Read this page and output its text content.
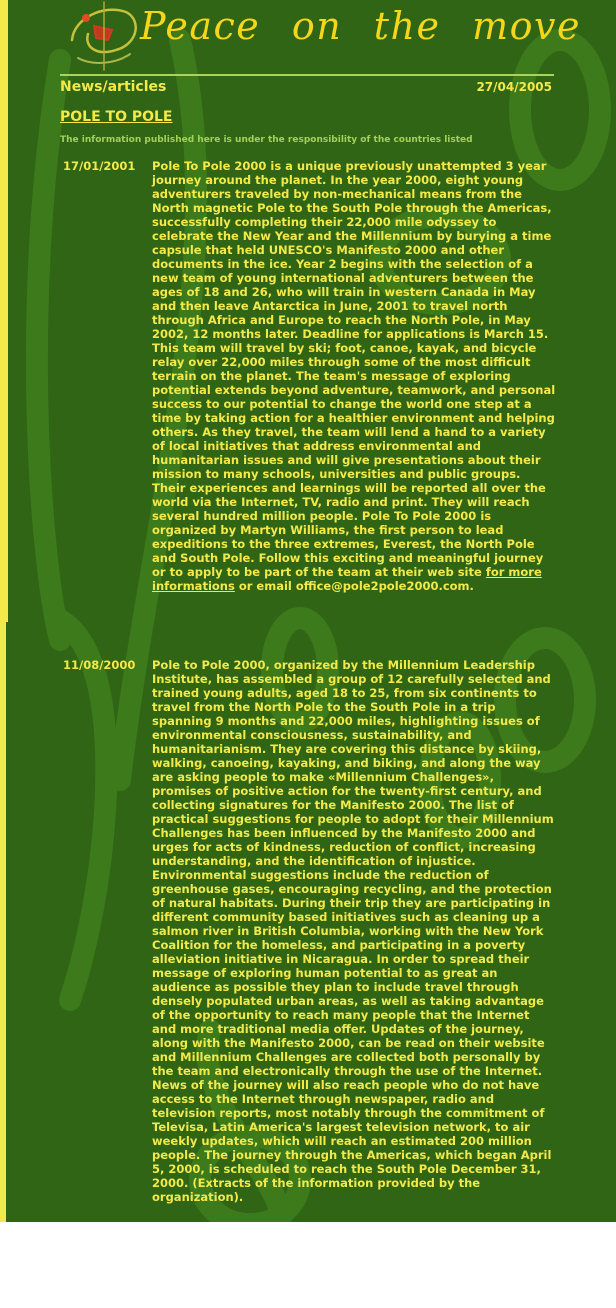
Peace on the move
News/articles	27/04/2005
POLE TO POLE
The information published here is under the responsibility of the countries listed
17/01/2001 Pole To Pole 2000 is a unique previously unattempted 3 year journey around the planet. In the year 2000, eight young adventurers traveled by non-mechanical means from the North magnetic Pole to the South Pole through the Americas, successfully completing their 22,000 mile odyssey to celebrate the New Year and the Millennium by burying a time capsule that held UNESCO's Manifesto 2000 and other documents in the ice. Year 2 begins with the selection of a new team of young international adventurers between the ages of 18 and 26, who will train in western Canada in May and then leave Antarctica in June, 2001 to travel north through Africa and Europe to reach the North Pole, in May 2002, 12 months later. Deadline for applications is March 15. This team will travel by ski; foot, canoe, kayak, and bicycle relay over 22,000 miles through some of the most difficult terrain on the planet. The team's message of exploring potential extends beyond adventure, teamwork, and personal success to our potential to change the world one step at a time by taking action for a healthier environment and helping others. As they travel, the team will lend a hand to a variety of local initiatives that address environmental and humanitarian issues and will give presentations about their mission to many schools, universities and public groups. Their experiences and learnings will be reported all over the world via the Internet, TV, radio and print. They will reach several hundred million people. Pole To Pole 2000 is organized by Martyn Williams, the first person to lead expeditions to the three extremes, Everest, the North Pole and South Pole. Follow this exciting and meaningful journey or to apply to be part of the team at their web site for more informations or email office@pole2pole2000.com.

11/08/2000 Pole to Pole 2000, organized by the Millennium Leadership Institute, has assembled a group of 12 carefully selected and trained young adults, aged 18 to 25, from six continents to travel from the North Pole to the South Pole in a trip spanning 9 months and 22,000 miles, highlighting issues of environmental consciousness, sustainability, and humanitarianism. They are covering this distance by skiing, walking, canoeing, kayaking, and biking, and along the way are asking people to make «Millennium Challenges», promises of positive action for the twenty-first century, and collecting signatures for the Manifesto 2000. The list of practical suggestions for people to adopt for their Millennium Challenges has been influenced by the Manifesto 2000 and urges for acts of kindness, reduction of conflict, increasing understanding, and the identification of injustice. Environmental suggestions include the reduction of greenhouse gases, encouraging recycling, and the protection of natural habitats. During their trip they are participating in different community based initiatives such as cleaning up a salmon river in British Columbia, working with the New York Coalition for the homeless, and participating in a poverty alleviation initiative in Nicaragua. In order to spread their message of exploring human potential to as great an audience as possible they plan to include travel through densely populated urban areas, as well as taking advantage of the opportunity to reach many people that the Internet and more traditional media offer. Updates of the journey, along with the Manifesto 2000, can be read on their website and Millennium Challenges are collected both personally by the team and electronically through the use of the Internet. News of the journey will also reach people who do not have access to the Internet through newspaper, radio and television reports, most notably through the commitment of Televisa, Latin America's largest television network, to air weekly updates, which will reach an estimated 200 million people. The journey through the Americas, which began April 5, 2000, is scheduled to reach the South Pole December 31, 2000. (Extracts of the information provided by the organization).
